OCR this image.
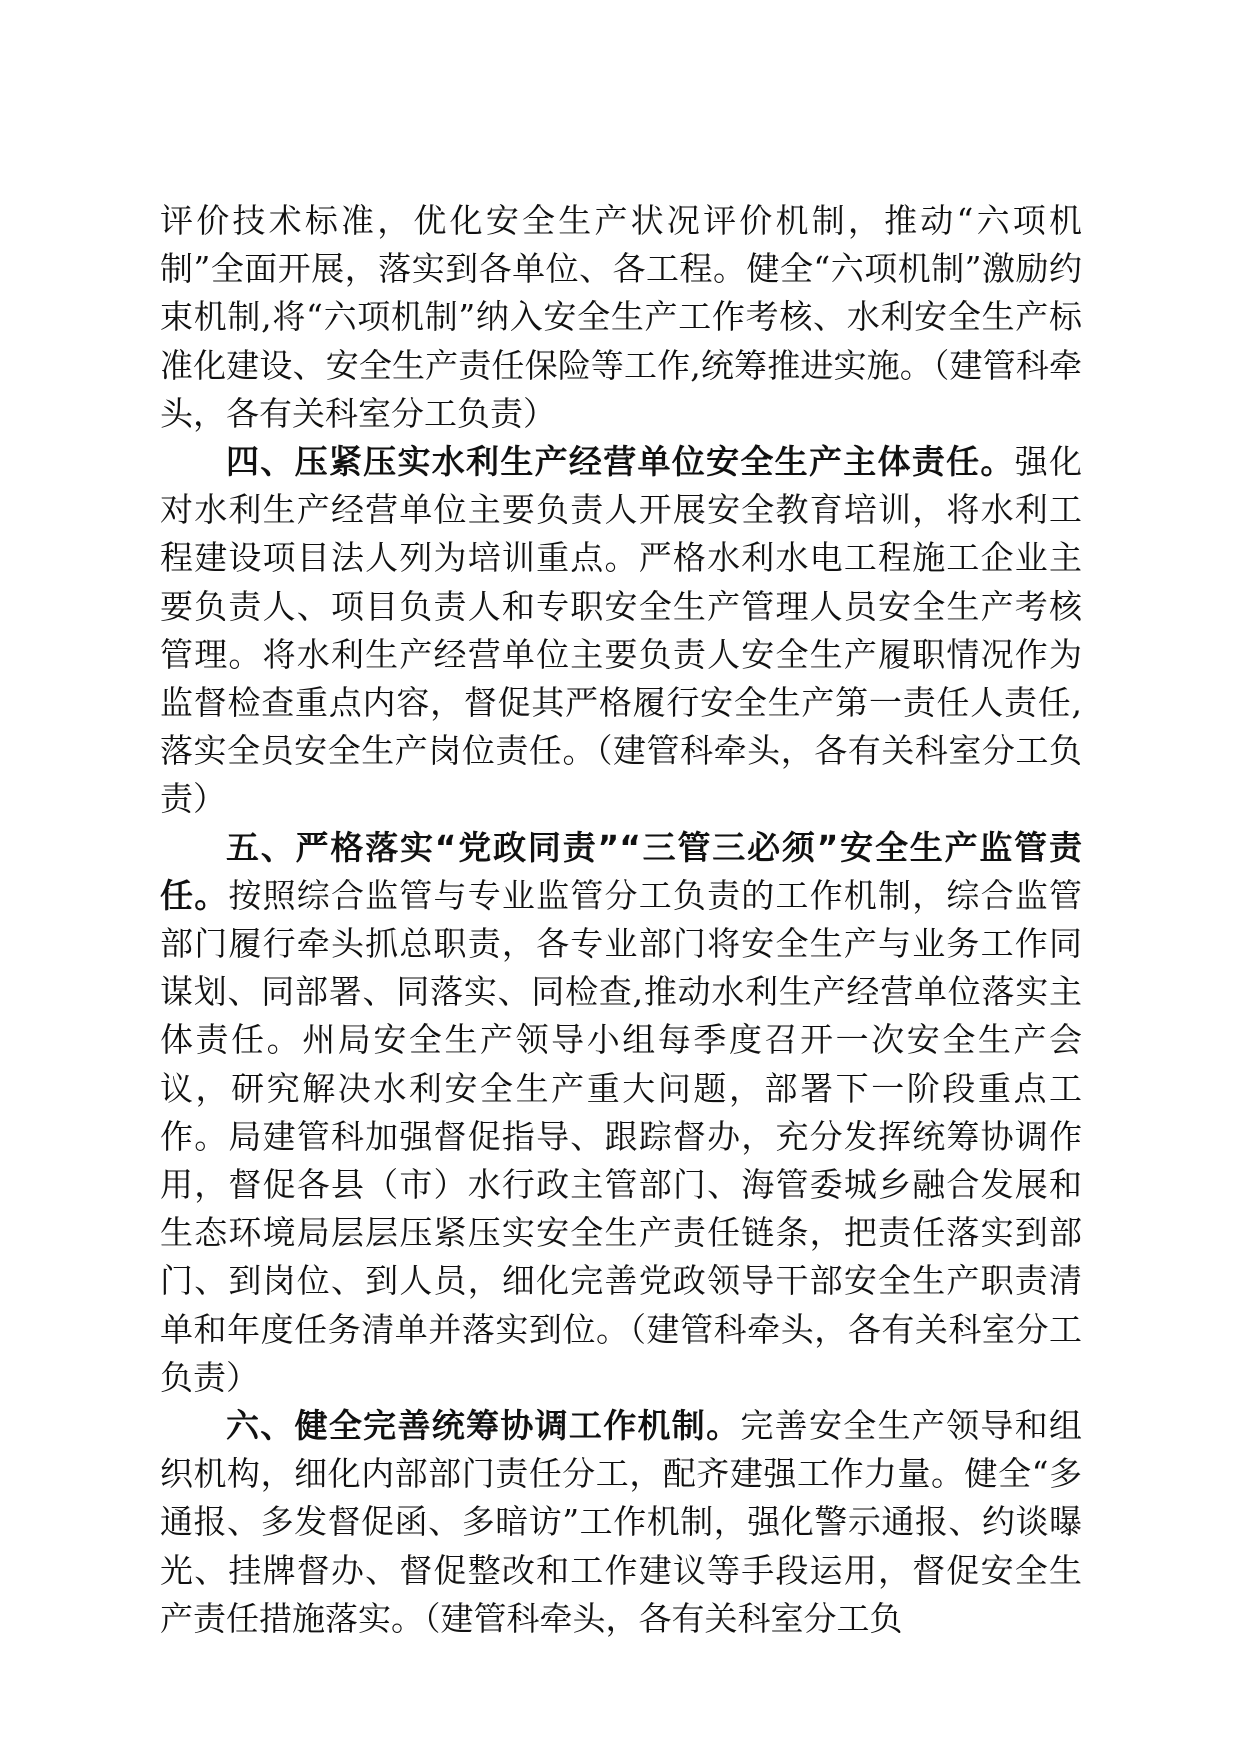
评价技术标准，优化安全生产状况评价机制，推动“六项机制”全面开展，落实到各单位、各工程。健全“六项机制”激励约束机制,将“六项机制”纳入安全生产工作考核、水利安全生产标准化建设、安全生产责任保险等工作,统筹推进实施。（建管科牵头，各有关科室分工负责）

四、压紧压实水利生产经营单位安全生产主体责任。强化对水利生产经营单位主要负责人开展安全教育培训，将水利工程建设项目法人列为培训重点。严格水利水电工程施工企业主要负责人、项目负责人和专职安全生产管理人员安全生产考核管理。将水利生产经营单位主要负责人安全生产履职情况作为监督检查重点内容，督促其严格履行安全生产第一责任人责任,落实全员安全生产岗位责任。（建管科牵头，各有关科室分工负责）

五、严格落实“党政同责”“三管三必须”安全生产监管责任。按照综合监管与专业监管分工负责的工作机制，综合监管部门履行牵头抓总职责，各专业部门将安全生产与业务工作同谋划、同部署、同落实、同检查,推动水利生产经营单位落实主体责任。州局安全生产领导小组每季度召开一次安全生产会议，研究解决水利安全生产重大问题，部署下一阶段重点工作。局建管科加强督促指导、跟踪督办，充分发挥统筹协调作用，督促各县（市）水行政主管部门、海管委城乡融合发展和生态环境局层层压紧压实安全生产责任链条，把责任落实到部门、到岗位、到人员，细化完善党政领导干部安全生产职责清单和年度任务清单并落实到位。（建管科牵头，各有关科室分工负责）

六、健全完善统筹协调工作机制。完善安全生产领导和组织机构，细化内部部门责任分工，配齐建强工作力量。健全“多通报、多发督促函、多暗访”工作机制，强化警示通报、约谈曝光、挂牌督办、督促整改和工作建议等手段运用，督促安全生产责任措施落实。（建管科牵头，各有关科室分工负
